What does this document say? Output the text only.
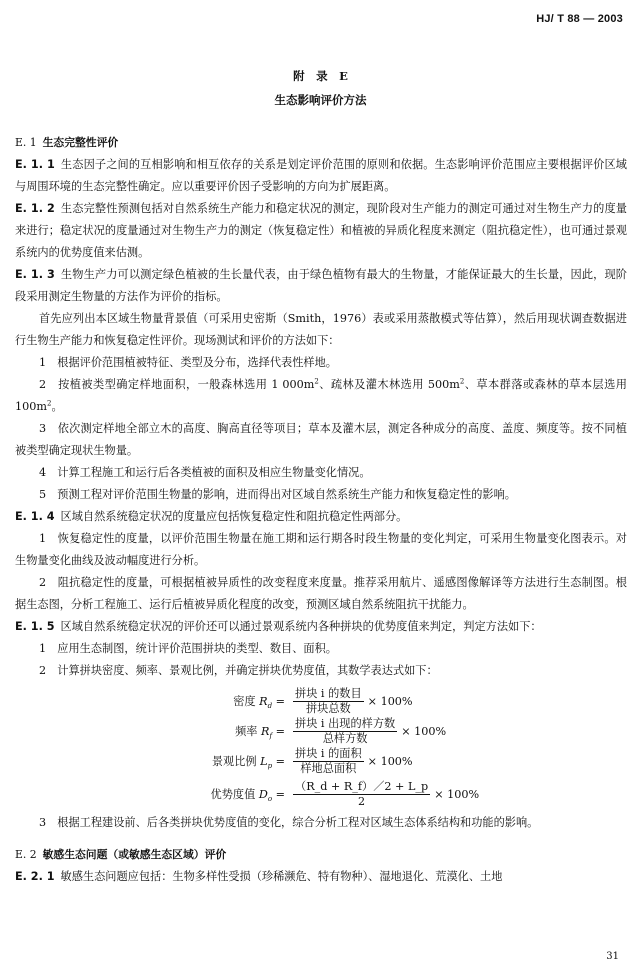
HJ/ T 88 — 2003
附　录　E
生态影响评价方法
E. 1 生态完整性评价

E. 1. 1 生态因子之间的互相影响和相互依存的关系是划定评价范围的原则和依据。生态影响评价范围应主要根据评价区域与周围环境的生态完整性确定。应以重要评价因子受影响的方向为扩展距离。

E. 1. 2 生态完整性预测包括对自然系统生产能力和稳定状况的测定，现阶段对生产能力的测定可通过对生物生产力的度量来进行；稳定状况的度量通过对生物生产力的测定（恢复稳定性）和植被的异质化程度来测定（阻抗稳定性），也可通过景观系统内的优势度值来估测。

E. 1. 3 生物生产力可以测定绿色植被的生长量代表，由于绿色植物有最大的生物量，才能保证最大的生长量，因此，现阶段采用测定生物量的方法作为评价的指标。

首先应列出本区域生物量背景值（可采用史密斯（Smith，1976）表或采用蒸散模式等估算），然后用现状调查数据进行生物生产能力和恢复稳定性评价。现场测试和评价的方法如下：

1　根据评价范围植被特征、类型及分布，选择代表性样地。

2　按植被类型确定样地面积，一般森林选用 1 $000m^2$、疏林及灌木林选用 $500m^2$、草本群落或森林的草本层选用 $100m^2$。

3　依次测定样地全部立木的高度、胸高直径等项目；草本及灌木层，测定各种成分的高度、盖度、频度等。按不同植被类型确定现状生物量。

4　计算工程施工和运行后各类植被的面积及相应生物量变化情况。

5　预测工程对评价范围生物量的影响，进而得出对区域自然系统生产能力和恢复稳定性的影响。

E. 1. 4 区域自然系统稳定状况的度量应包括恢复稳定性和阻抗稳定性两部分。

1　恢复稳定性的度量，以评价范围生物量在施工期和运行期各时段生物量的变化判定，可采用生物量变化图表示。对生物量变化曲线及波动幅度进行分析。

2　阻抗稳定性的度量，可根据植被异质性的改变程度来度量。推荐采用航片、遥感图像解译等方法进行生态制图。根据生态图，分析工程施工、运行后植被异质化程度的改变，预测区域自然系统阻抗干扰能力。

E. 1. 5 区域自然系统稳定状况的评价还可以通过景观系统内各种拼块的优势度值来判定，判定方法如下：

1　应用生态制图，统计评价范围拼块的类型、数目、面积。

2　计算拼块密度、频率、景观比例，并确定拼块优势度值，其数学表达式如下：

密度 $R_d = \frac{\text{拼块 i 的数目}}{\text{拼块总数}} \times 100\%$
频率 $R_f = \frac{\text{拼块 i 出现的样方数}}{\text{总样方数}} \times 100\%$
景观比例 $L_p = \frac{\text{拼块 i 的面积}}{\text{样地总面积}} \times 100\%$
优势度值 $D_o = \frac{(R\_d + R\_f)/2 + L\_p}{2} \times 100\%$

3　根据工程建设前、后各类拼块优势度值的变化，综合分析工程对区域生态体系结构和功能的影响。

E. 2 敏感生态问题（或敏感生态区域）评价

E. 2. 1 敏感生态问题应包括：生物多样性受损（珍稀濒危、特有物种）、湿地退化、荒漠化、土地

31
